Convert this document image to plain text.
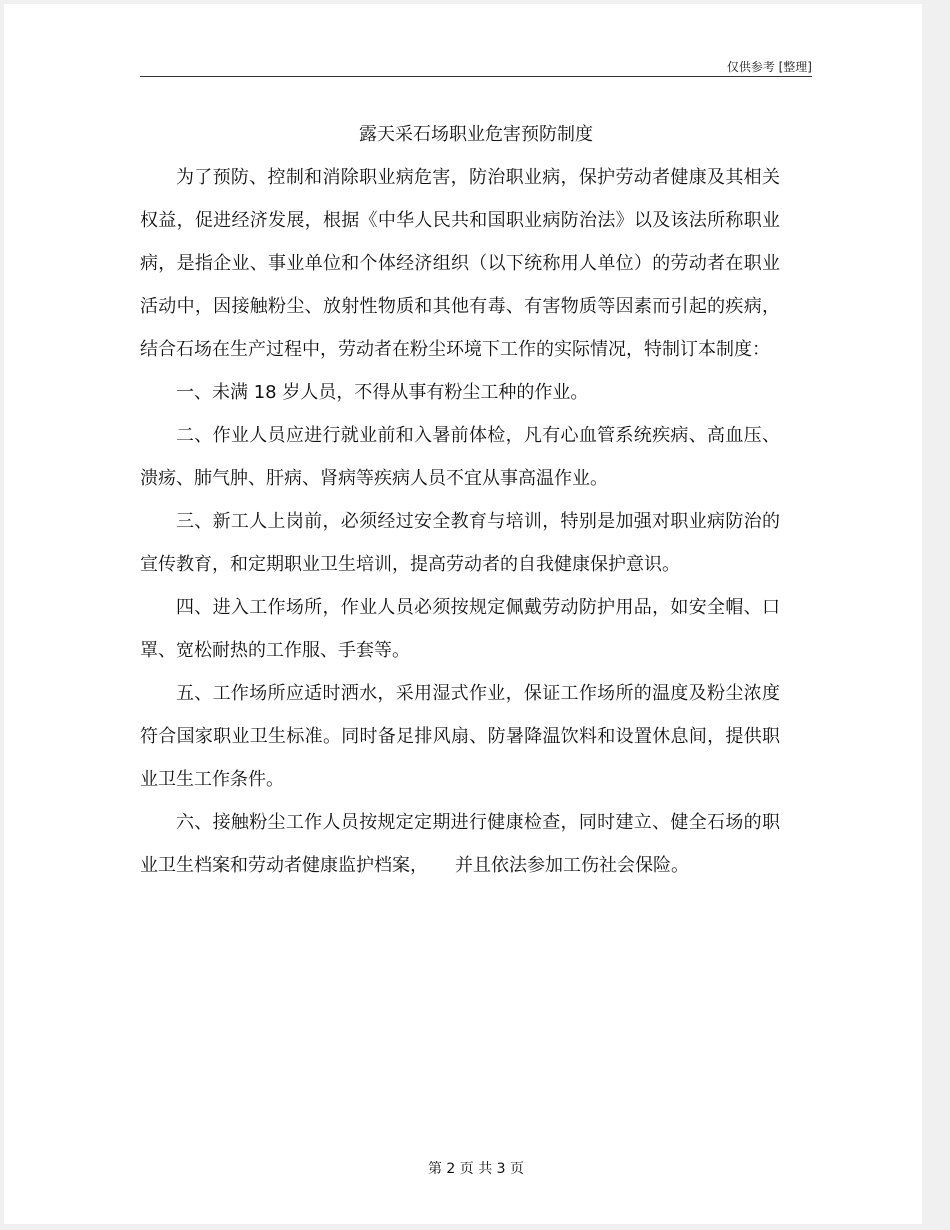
仅供参考 [整理]
露天采石场职业危害预防制度

为了预防、控制和消除职业病危害，防治职业病，保护劳动者健康及其相关权益，促进经济发展，根据《中华人民共和国职业病防治法》以及该法所称职业病，是指企业、事业单位和个体经济组织（以下统称用人单位）的劳动者在职业活动中，因接触粉尘、放射性物质和其他有毒、有害物质等因素而引起的疾病，结合石场在生产过程中，劳动者在粉尘环境下工作的实际情况，特制订本制度：

一、未满 18 岁人员，不得从事有粉尘工种的作业。

二、作业人员应进行就业前和入暑前体检，凡有心血管系统疾病、高血压、溃疡、肺气肿、肝病、肾病等疾病人员不宜从事高温作业。

三、新工人上岗前，必须经过安全教育与培训，特别是加强对职业病防治的宣传教育，和定期职业卫生培训，提高劳动者的自我健康保护意识。

四、进入工作场所，作业人员必须按规定佩戴劳动防护用品，如安全帽、口罩、宽松耐热的工作服、手套等。

五、工作场所应适时洒水，采用湿式作业，保证工作场所的温度及粉尘浓度符合国家职业卫生标准。同时备足排风扇、防暑降温饮料和设置休息间，提供职业卫生工作条件。

六、接触粉尘工作人员按规定定期进行健康检查，同时建立、健全石场的职业卫生档案和劳动者健康监护档案，　　并且依法参加工伤社会保险。

第 2 页 共 3 页
